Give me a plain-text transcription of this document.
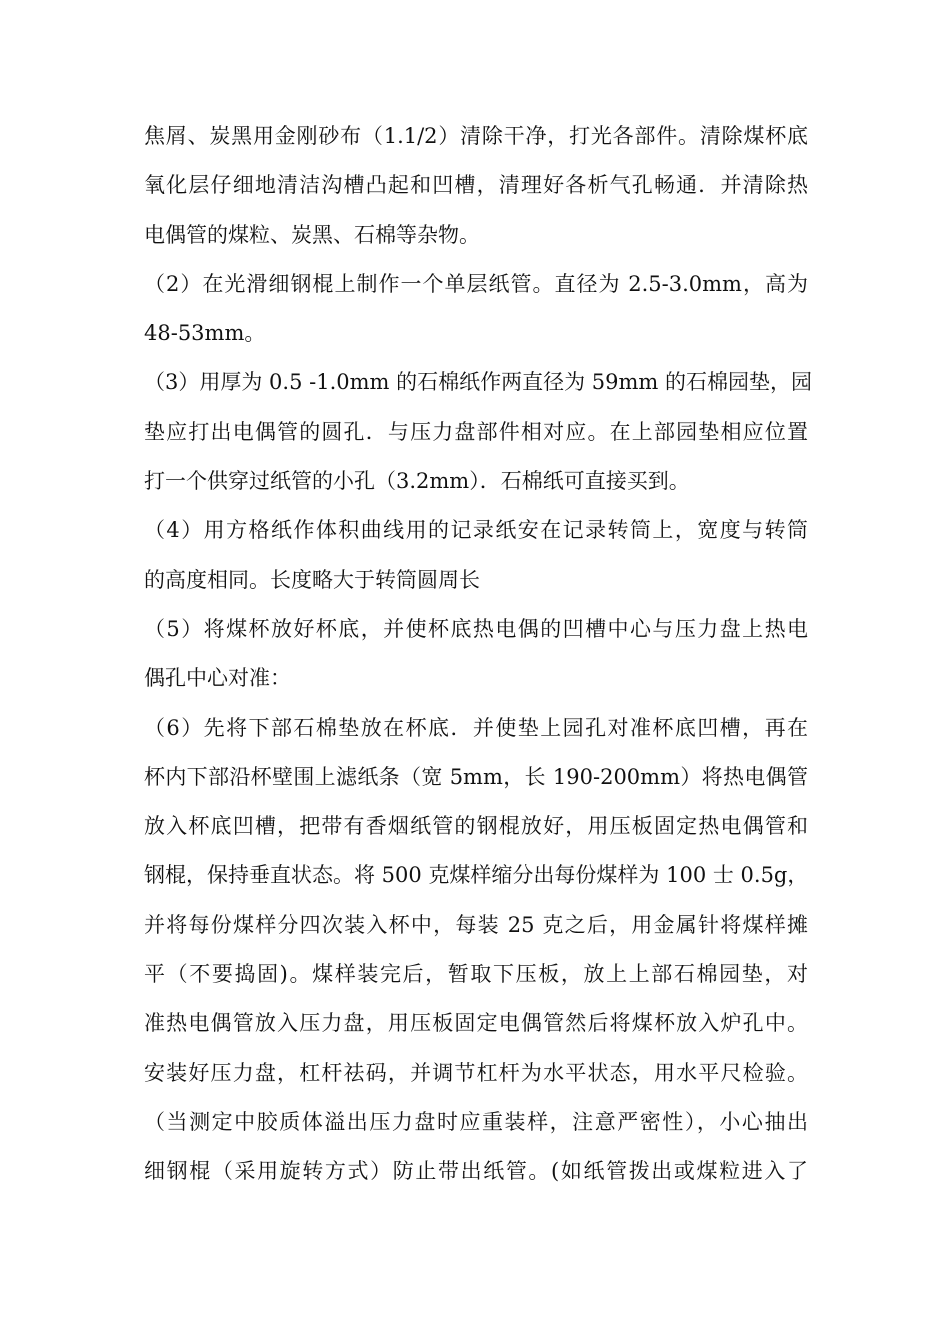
焦屑、炭黑用金刚砂布（1.1/2）清除干净，打光各部件。清除煤杯底
氧化层仔细地清洁沟槽凸起和凹槽，清理好各析气孔畅通．并清除热
电偶管的煤粒、炭黑、石棉等杂物。
（2）在光滑细钢棍上制作一个单层纸管。直径为 2.5-3.0mm，高为
48-53mm。
（3）用厚为 0.5 -1.0mm 的石棉纸作两直径为 59mm 的石棉园垫，园
垫应打出电偶管的圆孔．与压力盘部件相对应。在上部园垫相应位置
打一个供穿过纸管的小孔（3.2mm）．石棉纸可直接买到。
（4）用方格纸作体积曲线用的记录纸安在记录转筒上，宽度与转筒
的高度相同。长度略大于转筒圆周长
（5）将煤杯放好杯底，并使杯底热电偶的凹槽中心与压力盘上热电
偶孔中心对准：
（6）先将下部石棉垫放在杯底．并使垫上园孔对准杯底凹槽，再在
杯内下部沿杯壁围上滤纸条（宽 5mm，长 190-200mm）将热电偶管
放入杯底凹槽，把带有香烟纸管的钢棍放好，用压板固定热电偶管和
钢棍，保持垂直状态。将 500 克煤样缩分出每份煤样为 100 士 0.5g，
并将每份煤样分四次装入杯中，每装 25 克之后，用金属针将煤样摊
平（不要捣固)。煤样装完后，暂取下压板，放上上部石棉园垫，对
准热电偶管放入压力盘，用压板固定电偶管然后将煤杯放入炉孔中。
安装好压力盘，杠杆祛码，并调节杠杆为水平状态，用水平尺检验。
（当测定中胶质体溢出压力盘时应重装样，注意严密性），小心抽出
细钢棍（采用旋转方式）防止带出纸管。(如纸管拨出或煤粒进入了
